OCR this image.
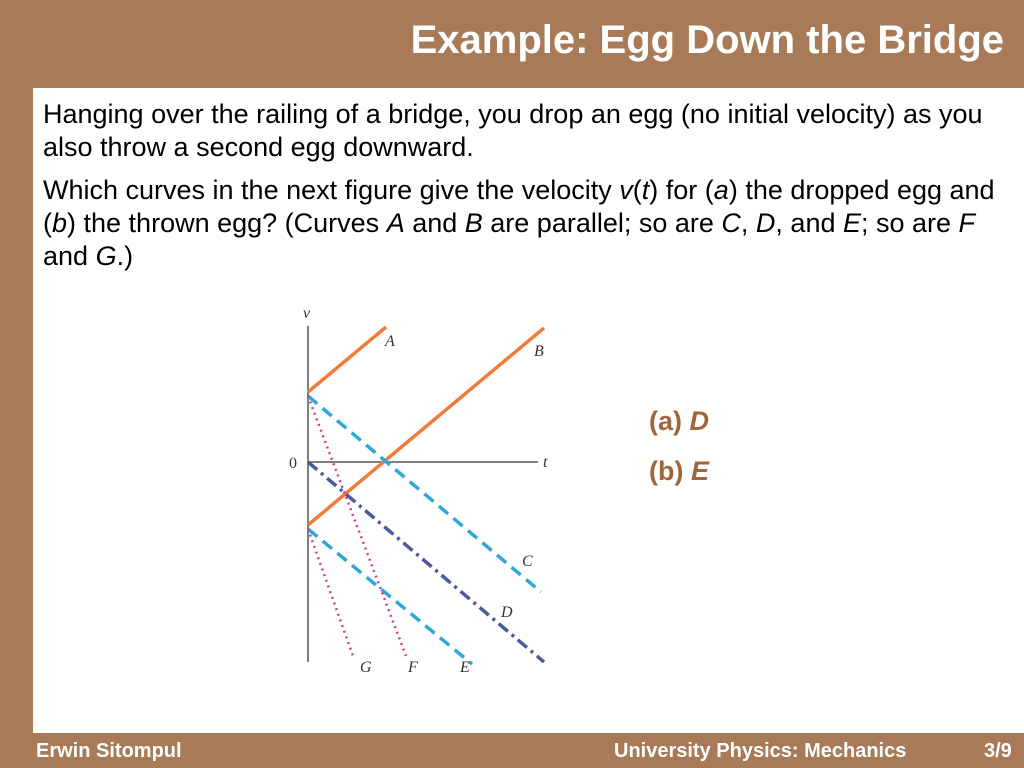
Example: Egg Down the Bridge

Hanging over the railing of a bridge, you drop an egg (no initial velocity) as you also throw a second egg downward.

Which curves in the next figure give the velocity v(t) for (a) the dropped egg and (b) the thrown egg? (Curves A and B are parallel; so are C, D, and E; so are F and G.)

v
t
0
A
B
C
D
E
F
G
(a) D
(b) E
Erwin Sitompul	University Physics: Mechanics	3/9
